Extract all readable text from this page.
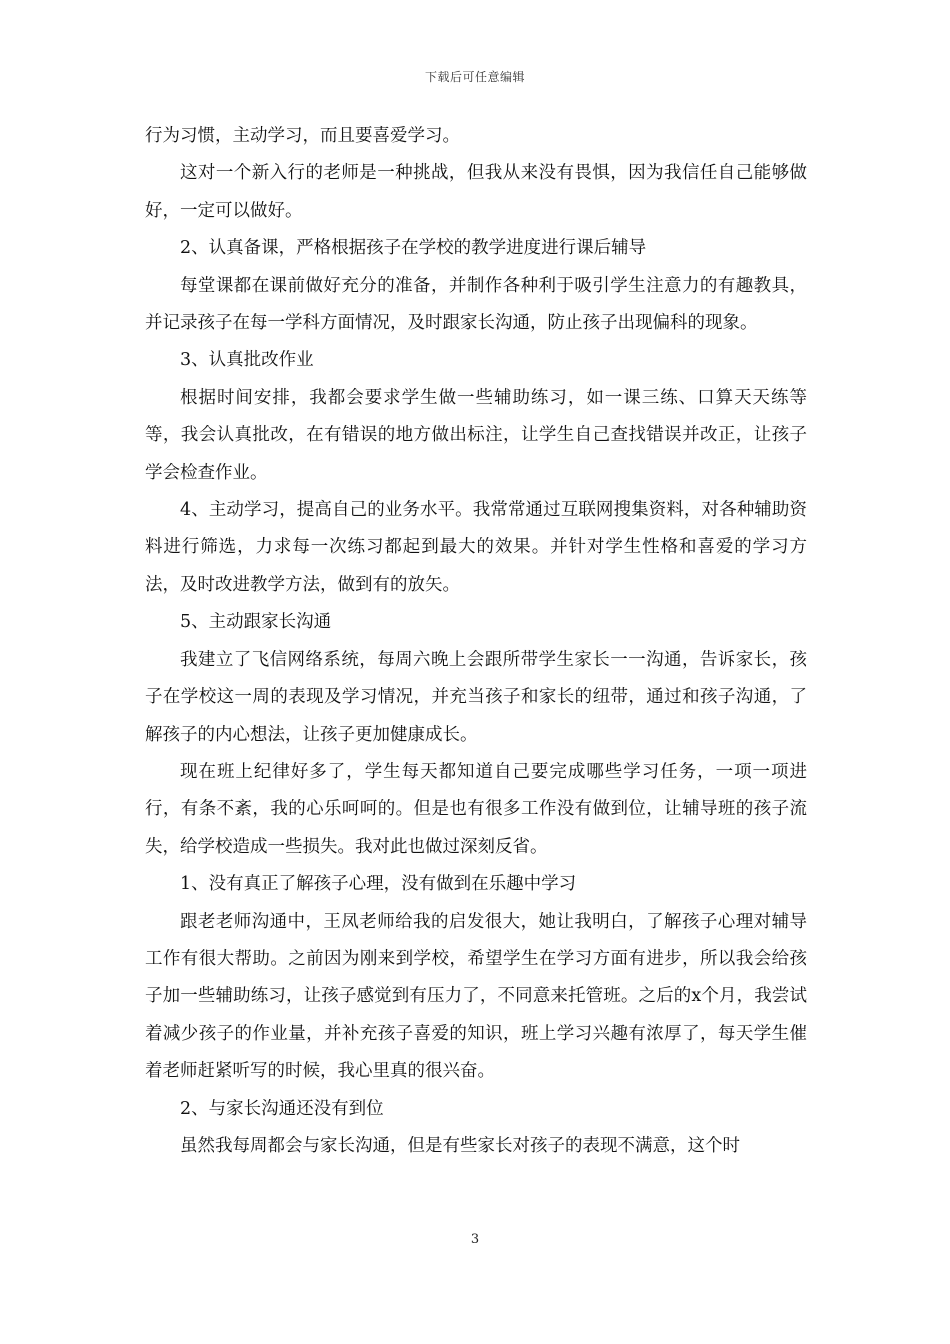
下载后可任意编辑

行为习惯，主动学习，而且要喜爱学习。

这对一个新入行的老师是一种挑战，但我从来没有畏惧，因为我信任自己能够做好，一定可以做好。

2、认真备课，严格根据孩子在学校的教学进度进行课后辅导

每堂课都在课前做好充分的准备，并制作各种利于吸引学生注意力的有趣教具，并记录孩子在每一学科方面情况，及时跟家长沟通，防止孩子出现偏科的现象。

3、认真批改作业

根据时间安排，我都会要求学生做一些辅助练习，如一课三练、口算天天练等等，我会认真批改，在有错误的地方做出标注，让学生自己查找错误并改正，让孩子学会检查作业。

4、主动学习，提高自己的业务水平。我常常通过互联网搜集资料，对各种辅助资料进行筛选，力求每一次练习都起到最大的效果。并针对学生性格和喜爱的学习方法，及时改进教学方法，做到有的放矢。

5、主动跟家长沟通

我建立了飞信网络系统，每周六晚上会跟所带学生家长一一沟通，告诉家长，孩子在学校这一周的表现及学习情况，并充当孩子和家长的纽带，通过和孩子沟通，了解孩子的内心想法，让孩子更加健康成长。

现在班上纪律好多了，学生每天都知道自己要完成哪些学习任务，一项一项进行，有条不紊，我的心乐呵呵的。但是也有很多工作没有做到位，让辅导班的孩子流失，给学校造成一些损失。我对此也做过深刻反省。

1、没有真正了解孩子心理，没有做到在乐趣中学习

跟老老师沟通中，王凤老师给我的启发很大，她让我明白，了解孩子心理对辅导工作有很大帮助。之前因为刚来到学校，希望学生在学习方面有进步，所以我会给孩子加一些辅助练习，让孩子感觉到有压力了，不同意来托管班。之后的x个月，我尝试着减少孩子的作业量，并补充孩子喜爱的知识，班上学习兴趣有浓厚了，每天学生催着老师赶紧听写的时候，我心里真的很兴奋。

2、与家长沟通还没有到位

虽然我每周都会与家长沟通，但是有些家长对孩子的表现不满意，这个时

3
